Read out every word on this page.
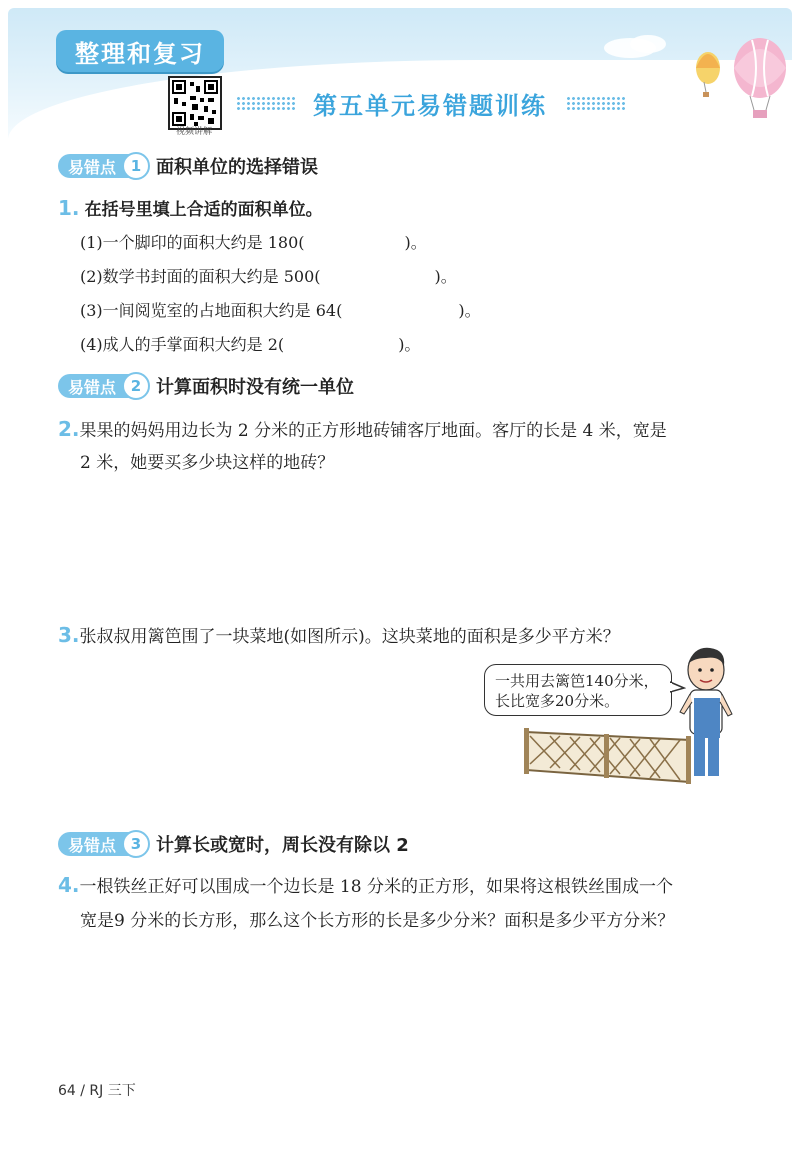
整理和复习
视频讲解
第五单元易错题训练
易错点 1 面积单位的选择错误
1. 在括号里填上合适的面积单位。
(1)一个脚印的面积大约是 180(	)。
(2)数学书封面的面积大约是 500(	)。
(3)一间阅览室的占地面积大约是 64(	)。
(4)成人的手掌面积大约是 2(	)。
易错点 2 计算面积时没有统一单位
2.果果的妈妈用边长为 2 分米的正方形地砖铺客厅地面。客厅的长是 4 米，宽是
2 米，她要买多少块这样的地砖？
3.张叔叔用篱笆围了一块菜地(如图所示)。这块菜地的面积是多少平方米？
一共用去篱笆140分米，
长比宽多20分米。
易错点 3 计算长或宽时，周长没有除以 2
4.一根铁丝正好可以围成一个边长是 18 分米的正方形，如果将这根铁丝围成一个
宽是9 分米的长方形，那么这个长方形的长是多少分米？面积是多少平方分米？
64 / RJ 三下
